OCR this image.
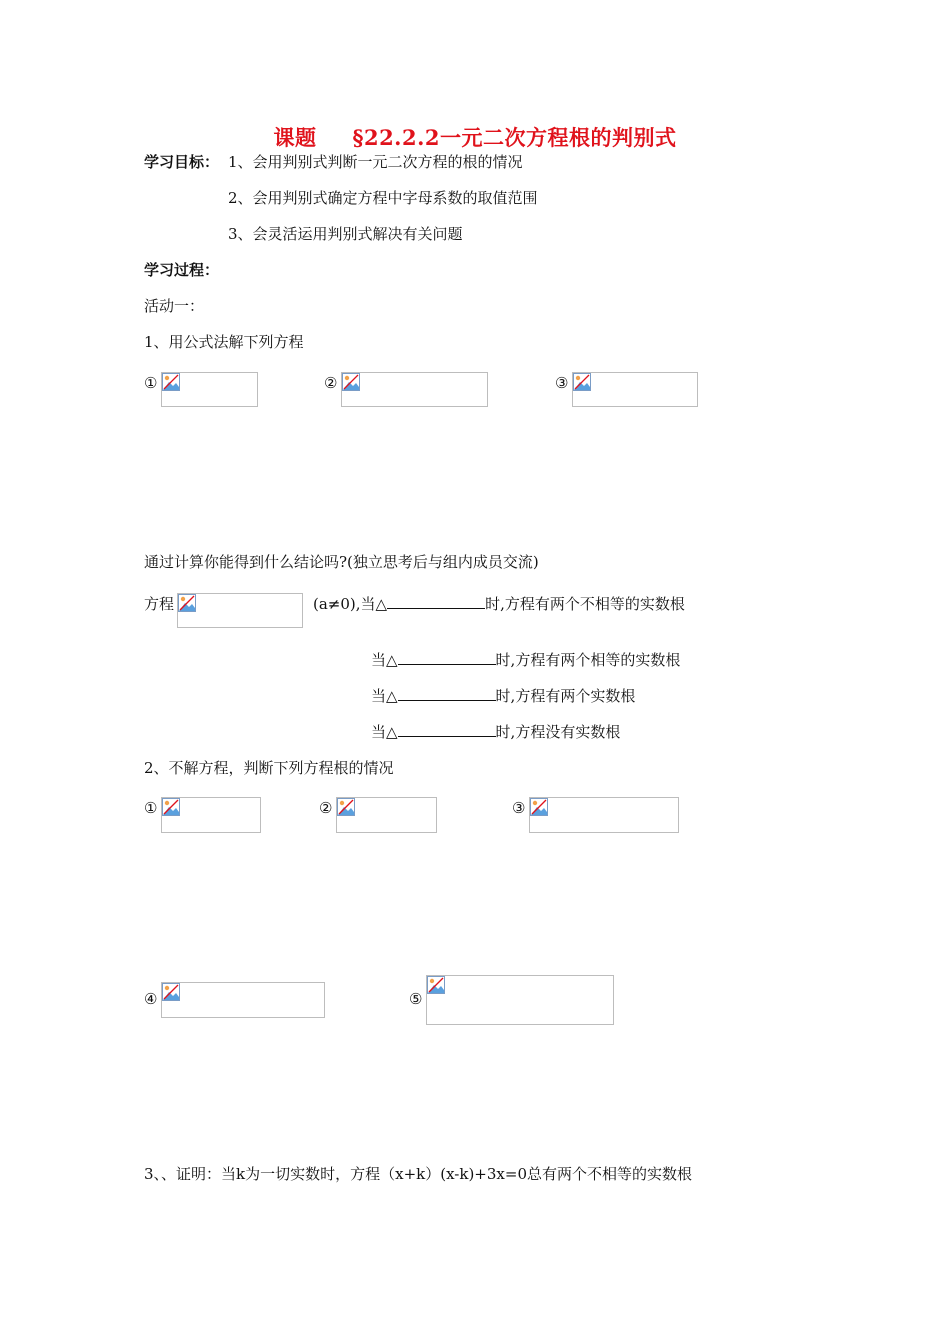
课题 §22.2.2一元二次方程根的判别式
学习目标： 1、会用判别式判断一元二次方程的根的情况
2、会用判别式确定方程中字母系数的取值范围
3、会灵活运用判别式解决有关问题
学习过程：
活动一：
1、用公式法解下列方程
①	②	③
通过计算你能得到什么结论吗?(独立思考后与组内成员交流)
方程	(a≠0),当△	时,方程有两个不相等的实数根
当△	时,方程有两个相等的实数根
当△	时,方程有两个实数根
当△	时,方程没有实数根
2、不解方程，判断下列方程根的情况
①	②	③
④	⑤
3、、证明：当k为一切实数时，方程（x+k）(x-k)+3x=0总有两个不相等的实数根
